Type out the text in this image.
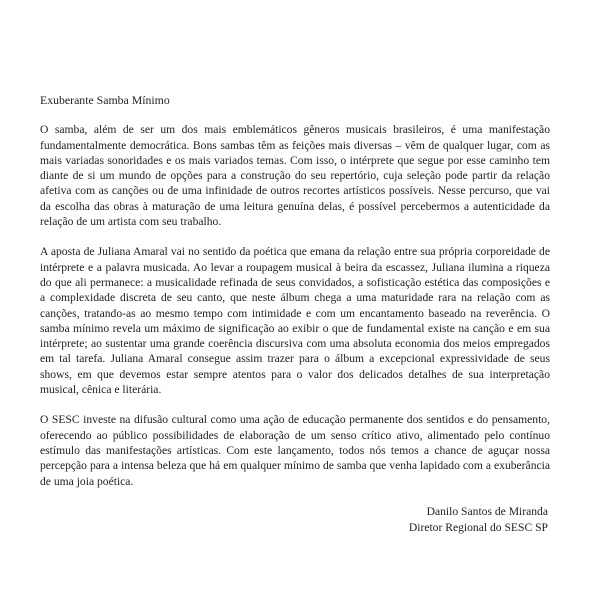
Exuberante Samba Mínimo

O samba, além de ser um dos mais emblemáticos gêneros musicais brasileiros, é uma manifestação fundamentalmente democrática. Bons sambas têm as feições mais diversas – vêm de qualquer lugar, com as mais variadas sonoridades e os mais variados temas. Com isso, o intérprete que segue por esse caminho tem diante de si um mundo de opções para a construção do seu repertório, cuja seleção pode partir da relação afetiva com as canções ou de uma infinidade de outros recortes artísticos possíveis. Nesse percurso, que vai da escolha das obras à maturação de uma leitura genuína delas, é possível percebermos a autenticidade da relação de um artista com seu trabalho.

A aposta de Juliana Amaral vai no sentido da poética que emana da relação entre sua própria corporeidade de intérprete e a palavra musicada. Ao levar a roupagem musical à beira da escassez, Juliana ilumina a riqueza do que ali permanece: a musicalidade refinada de seus convidados, a sofisticação estética das composições e a complexidade discreta de seu canto, que neste álbum chega a uma maturidade rara na relação com as canções, tratando-as ao mesmo tempo com intimidade e com um encantamento baseado na reverência. O samba mínimo revela um máximo de significação ao exibir o que de fundamental existe na canção e em sua intérprete; ao sustentar uma grande coerência discursiva com uma absoluta economia dos meios empregados em tal tarefa. Juliana Amaral consegue assim trazer para o álbum a excepcional expressividade de seus shows, em que devemos estar sempre atentos para o valor dos delicados detalhes de sua interpretação musical, cênica e literária.

O SESC investe na difusão cultural como uma ação de educação permanente dos sentidos e do pensamento, oferecendo ao público possibilidades de elaboração de um senso crítico ativo, alimentado pelo contínuo estímulo das manifestações artísticas. Com este lançamento, todos nós temos a chance de aguçar nossa percepção para a intensa beleza que há em qualquer mínimo de samba que venha lapidado com a exuberância de uma joia poética.

Danilo Santos de Miranda
Diretor Regional do SESC SP
